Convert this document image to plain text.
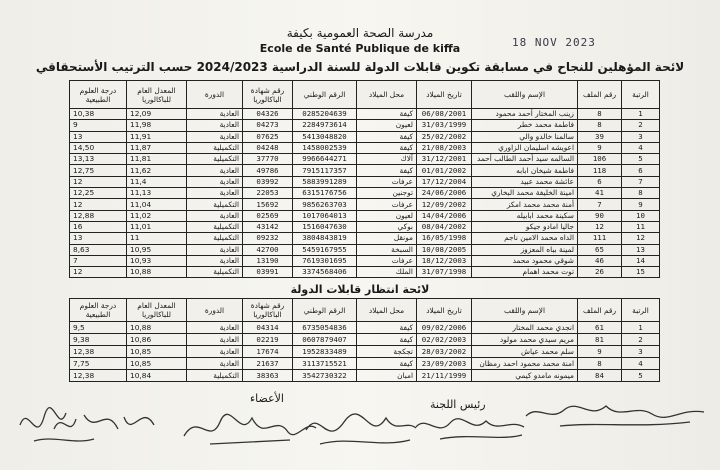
18 NOV 2023
مدرسة الصحة العمومية بكيفة
Ecole de Santé Publique de kiffa
لائحة المؤهلين للنجاح في مسابقة تكوين قابلات الدولة للسنة الدراسية 2024/2023 حسب الترتيب الأستحقاقي
الرتبة	رقم الملف	الإسم واللقب	تاريخ الميلاد	محل الميلاد	الرقم الوطني	رقم شهادة الباكالوريا	الدورة	المعدل العام للباكالوريا	درجة العلوم الطبيعية
1	8	زينب المختار أحمد محمود	06/08/2001	كيفة	0285204639	04326	العادية	12,09	10,38
2	8	فاطمة محمد خطر	31/03/1999	لعيون	2284973614	04273	العادية	11,98	9
3	39	سالمنا خالدو والي	25/02/2002	كيفة	5413048820	07625	العادية	11,91	13
4	9	اعويشه اسليمان الزاوري	21/08/2003	كيفة	1458002539	04248	التكميلية	11,87	14,50
5	106	السالمه سيد أحمد الطالب أحمد	31/12/2001	آلاك	9966644271	37770	التكميلية	11,81	13,13
6	118	فاطمة شيخان ابابه	01/01/2002	كيفة	7915117357	49786	العادية	11,62	12,75
7	6	عائشة محمد عبيد	17/12/2004	عرفات	5883991289	03992	العادية	11,4	12
8	41	امينة الخليفة محمد البخاري	24/06/2006	توجنين	6315176756	22053	العادية	11,13	12,25
9	7	أمنة محمد محمد امكز	12/09/2002	عرفات	9856263703	15692	التكميلية	11,04	12
10	90	سكينة محمد ابابيله	14/04/2006	لعيون	1017064013	02569	العادية	11,02	12,88
11	12	جاليا امادو جيكو	08/04/2002	بوكي	1516047630	43142	التكميلية	11,01	16
12	111	الداه محمد الامين ناجم	16/05/1998	مونقل	3804843819	09232	التكميلية	11	13
13	65	لمينة بباه المعزوز	10/08/2005	السبخة	5459167955	42700	العادية	10,95	8,63
14	46	شوقي محمود محمد	18/12/2003	عرفات	7619301695	13190	العادية	10,93	7
15	26	توت محمد اهمام	31/07/1998	الملك	3374568406	03991	التكميلية	10,88	12
لائحة انتظار قابلات الدولة
الرتبة	رقم الملف	الإسم واللقب	تاريخ الميلاد	محل الميلاد	الرقم الوطني	رقم شهادة الباكالوريا	الدورة	المعدل العام للباكالوريا	درجة العلوم الطبيعية
1	61	انجدي محمد المختار	09/02/2006	كيفة	6735054836	04314	العادية	10,88	9,5
2	81	مريم سيدي محمد مولود	02/02/2003	كيفة	0607879407	02219	العادية	10,86	9,38
3	9	سلم محمد عياش	28/03/2002	تجكجة	1952833489	17674	العادية	10,85	12,38
4	8	امنة محمد محمود احمد رمظان	23/09/2003	كيفة	3113715521	21637	العادية	10,85	7,75
5	84	ميمونه مامدو كيمي	21/11/1999	امبان	3542730322	38363	التكميلية	10,84	12,38
رئيس اللجنة
الأعضاء
